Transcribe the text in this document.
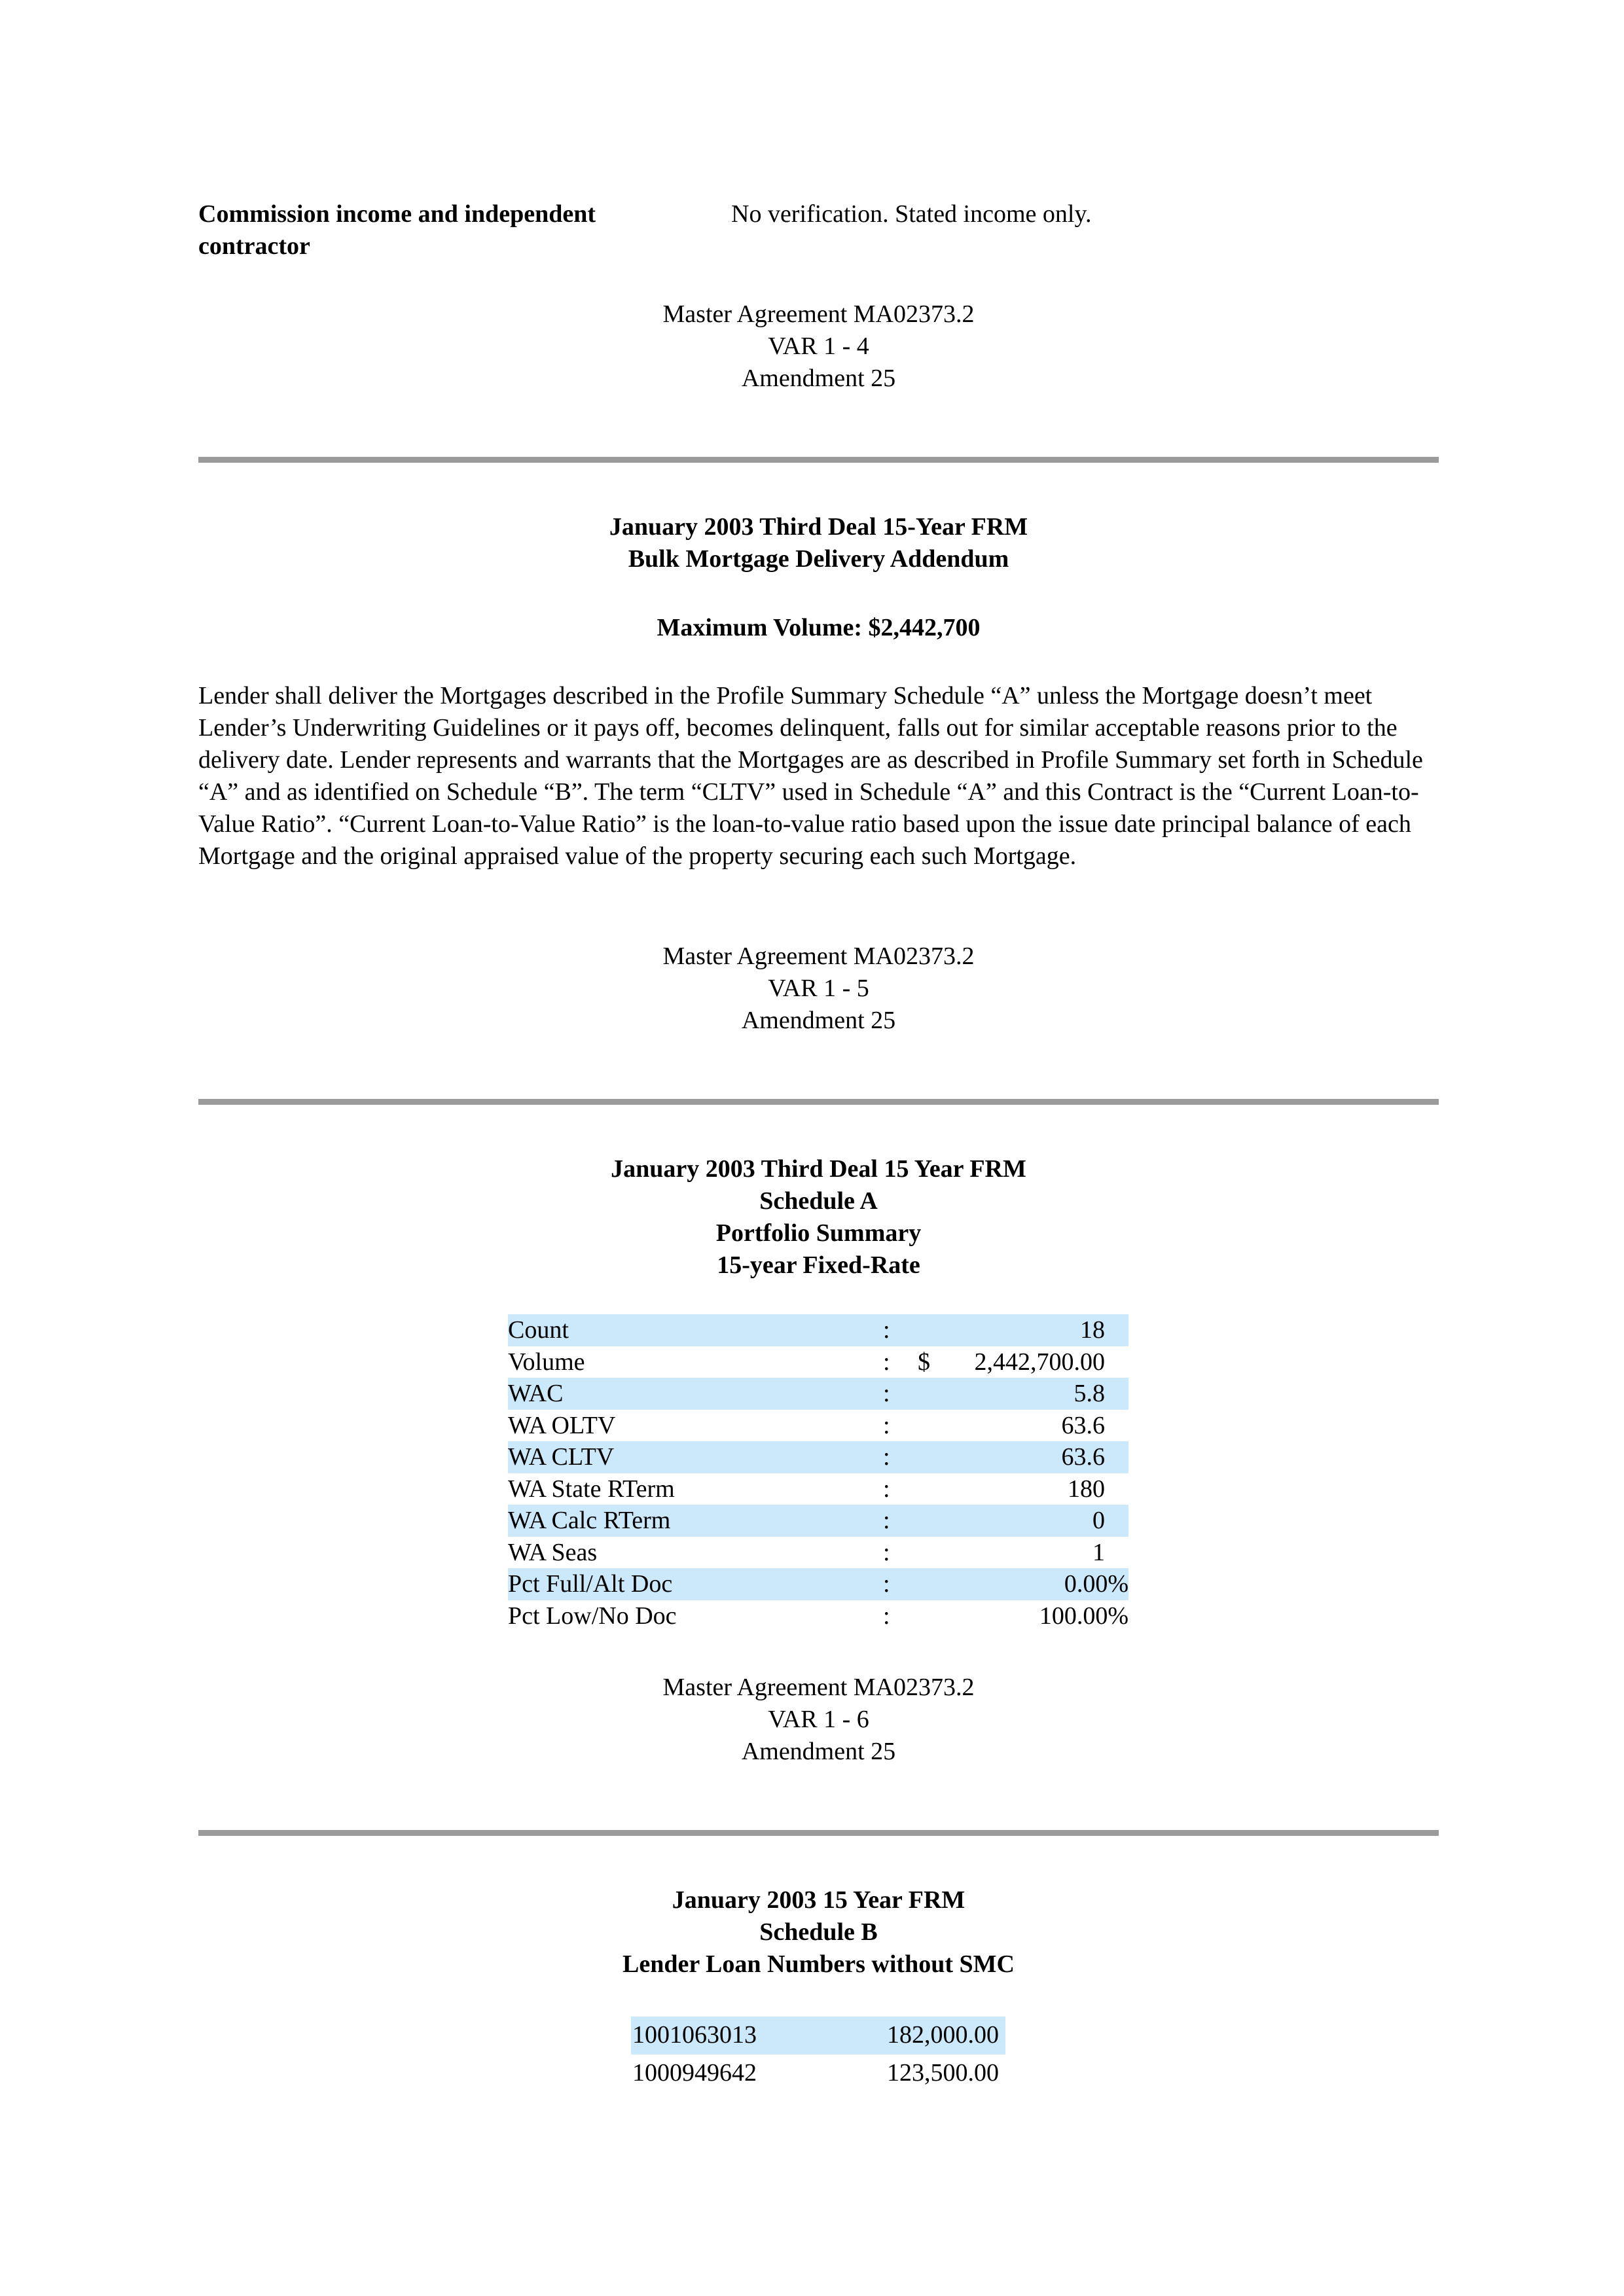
Commission income and independent contractor
No verification. Stated income only.
Master Agreement MA02373.2
VAR 1 - 4
Amendment 25
January 2003 Third Deal 15-Year FRM
Bulk Mortgage Delivery Addendum
Maximum Volume: $2,442,700
Lender shall deliver the Mortgages described in the Profile Summary Schedule “A” unless the Mortgage doesn’t meet Lender’s Underwriting Guidelines or it pays off, becomes delinquent, falls out for similar acceptable reasons prior to the delivery date. Lender represents and warrants that the Mortgages are as described in Profile Summary set forth in Schedule “A” and as identified on Schedule “B”. The term “CLTV” used in Schedule “A” and this Contract is the “Current Loan-to-Value Ratio”. “Current Loan-to-Value Ratio” is the loan-to-value ratio based upon the issue date principal balance of each Mortgage and the original appraised value of the property securing each such Mortgage.
Master Agreement MA02373.2
VAR 1 - 5
Amendment 25
January 2003 Third Deal 15 Year FRM
Schedule A
Portfolio Summary
15-year Fixed-Rate
Count	:	18
Volume	: $ 2,442,700.00
WAC	:	5.8
WA OLTV	:	63.6
WA CLTV	:	63.6
WA State RTerm	:	180
WA Calc RTerm	:	0
WA Seas	:	1
Pct Full/Alt Doc	:	0.00%
Pct Low/No Doc	:	100.00%
Master Agreement MA02373.2
VAR 1 - 6
Amendment 25
January 2003 15 Year FRM
Schedule B
Lender Loan Numbers without SMC
1001063013	182,000.00
1000949642	123,500.00
